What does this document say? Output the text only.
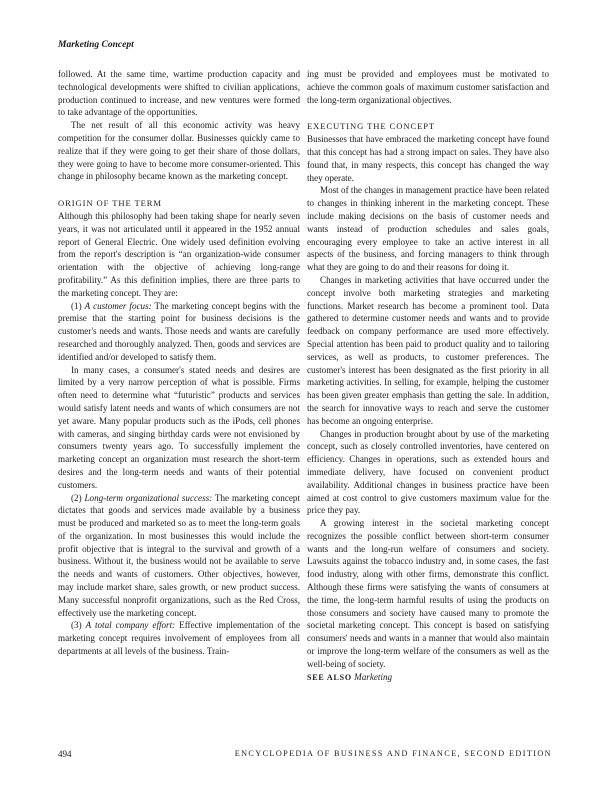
Marketing Concept

followed. At the same time, wartime production capacity and technological developments were shifted to civilian applications, production continued to increase, and new ventures were formed to take advantage of the opportunities.

The net result of all this economic activity was heavy competition for the consumer dollar. Businesses quickly came to realize that if they were going to get their share of those dollars, they were going to have to become more consumer-oriented. This change in philosophy became known as the marketing concept.

ORIGIN OF THE TERM

Although this philosophy had been taking shape for nearly seven years, it was not articulated until it appeared in the 1952 annual report of General Electric. One widely used definition evolving from the report's description is “an organization-wide consumer orientation with the objective of achieving long-range profitability.” As this definition implies, there are three parts to the marketing concept. They are:

(1) A customer focus: The marketing concept begins with the premise that the starting point for business decisions is the customer's needs and wants. Those needs and wants are carefully researched and thoroughly analyzed. Then, goods and services are identified and/or developed to satisfy them.

In many cases, a consumer's stated needs and desires are limited by a very narrow perception of what is possible. Firms often need to determine what “futuristic” products and services would satisfy latent needs and wants of which consumers are not yet aware. Many popular products such as the iPods, cell phones with cameras, and singing birthday cards were not envisioned by consumers twenty years ago. To successfully implement the marketing concept an organization must research the short-term desires and the long-term needs and wants of their potential customers.

(2) Long-term organizational success: The marketing concept dictates that goods and services made available by a business must be produced and marketed so as to meet the long-term goals of the organization. In most businesses this would include the profit objective that is integral to the survival and growth of a business. Without it, the business would not be available to serve the needs and wants of customers. Other objectives, however, may include market share, sales growth, or new product success. Many successful nonprofit organizations, such as the Red Cross, effectively use the marketing concept.

(3) A total company effort: Effective implementation of the marketing concept requires involvement of employees from all departments at all levels of the business. Train-

ing must be provided and employees must be motivated to achieve the common goals of maximum customer satisfaction and the long-term organizational objectives.

EXECUTING THE CONCEPT

Businesses that have embraced the marketing concept have found that this concept has had a strong impact on sales. They have also found that, in many respects, this concept has changed the way they operate.

Most of the changes in management practice have been related to changes in thinking inherent in the marketing concept. These include making decisions on the basis of customer needs and wants instead of production schedules and sales goals, encouraging every employee to take an active interest in all aspects of the business, and forcing managers to think through what they are going to do and their reasons for doing it.

Changes in marketing activities that have occurred under the concept involve both marketing strategies and marketing functions. Market research has become a prominent tool. Data gathered to determine customer needs and wants and to provide feedback on company performance are used more effectively. Special attention has been paid to product quality and to tailoring services, as well as products, to customer preferences. The customer's interest has been designated as the first priority in all marketing activities. In selling, for example, helping the customer has been given greater emphasis than getting the sale. In addition, the search for innovative ways to reach and serve the customer has become an ongoing enterprise.

Changes in production brought about by use of the marketing concept, such as closely controlled inventories, have centered on efficiency. Changes in operations, such as extended hours and immediate delivery, have focused on convenient product availability. Additional changes in business practice have been aimed at cost control to give customers maximum value for the price they pay.

A growing interest in the societal marketing concept recognizes the possible conflict between short-term consumer wants and the long-run welfare of consumers and society. Lawsuits against the tobacco industry and, in some cases, the fast food industry, along with other firms, demonstrate this conflict. Although these firms were satisfying the wants of consumers at the time, the long-term harmful results of using the products on those consumers and society have caused many to promote the societal marketing concept. This concept is based on satisfying consumers' needs and wants in a manner that would also maintain or improve the long-term welfare of the consumers as well as the well-being of society.

SEE ALSO Marketing

494	ENCYCLOPEDIA OF BUSINESS AND FINANCE, SECOND EDITION
